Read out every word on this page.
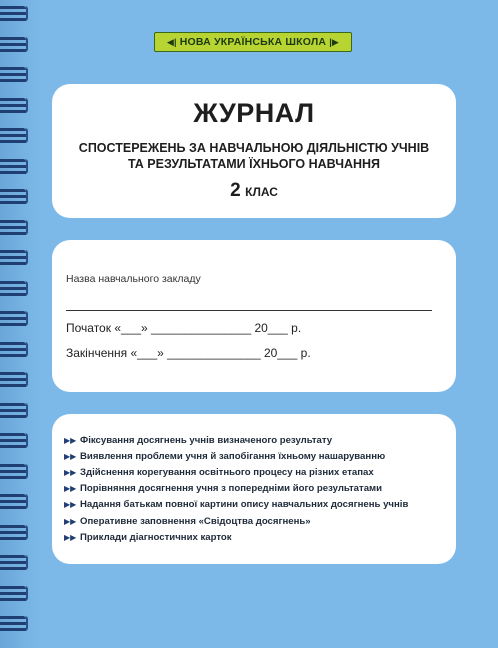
◀| НОВА УКРАЇНСЬКА ШКОЛА |▶
ЖУРНАЛ
СПОСТЕРЕЖЕНЬ ЗА НАВЧАЛЬНОЮ ДІЯЛЬНІСТЮ УЧНІВ
ТА РЕЗУЛЬТАТАМИ ЇХНЬОГО НАВЧАННЯ
2 КЛАС
Назва навчального закладу
Початок «___» _______________ 20___ р.
Закінчення «___» ______________ 20___ р.
▶▶ Фіксування досягнень учнів визначеного результату
▶▶ Виявлення проблеми учня й запобігання їхньому нашаруванню
▶▶ Здійснення корегування освітнього процесу на різних етапах
▶▶ Порівняння досягнення учня з попередніми його результатами
▶▶ Надання батькам повної картини опису навчальних досягнень учнів
▶▶ Оперативне заповнення «Свідоцтва досягнень»
▶▶ Приклади діагностичних карток
